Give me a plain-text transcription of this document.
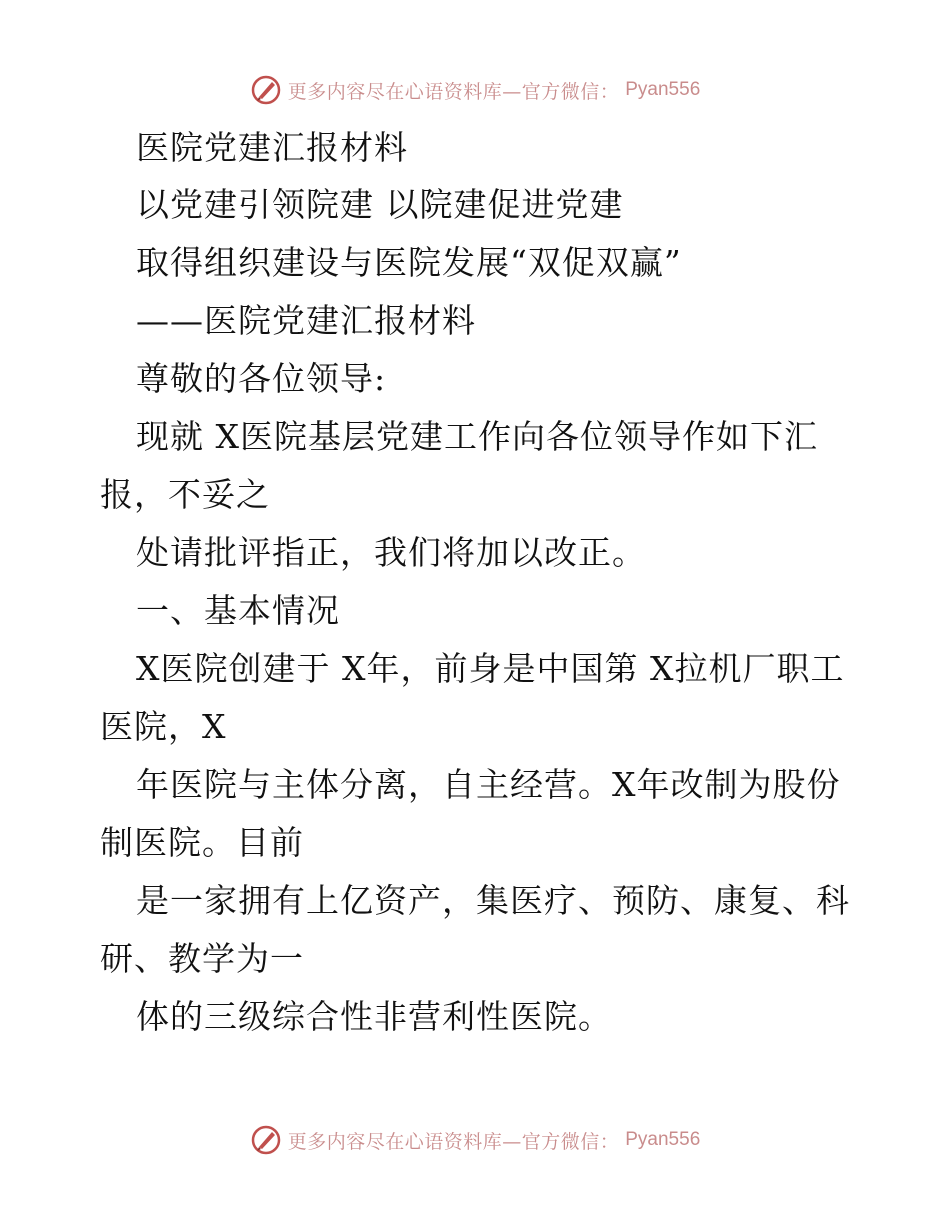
更多内容尽在心语资料库—官方微信： Pyan556
医院党建汇报材料
以党建引领院建 以院建促进党建
取得组织建设与医院发展“双促双赢”
——医院党建汇报材料
尊敬的各位领导:
现就 X医院基层党建工作向各位领导作如下汇
报，不妥之
处请批评指正，我们将加以改正。
一、基本情况
X医院创建于 X年，前身是中国第 X拉机厂职工
医院，X
年医院与主体分离，自主经营。X年改制为股份
制医院。目前
是一家拥有上亿资产，集医疗、预防、康复、科
研、教学为一
体的三级综合性非营利性医院。
更多内容尽在心语资料库—官方微信： Pyan556
